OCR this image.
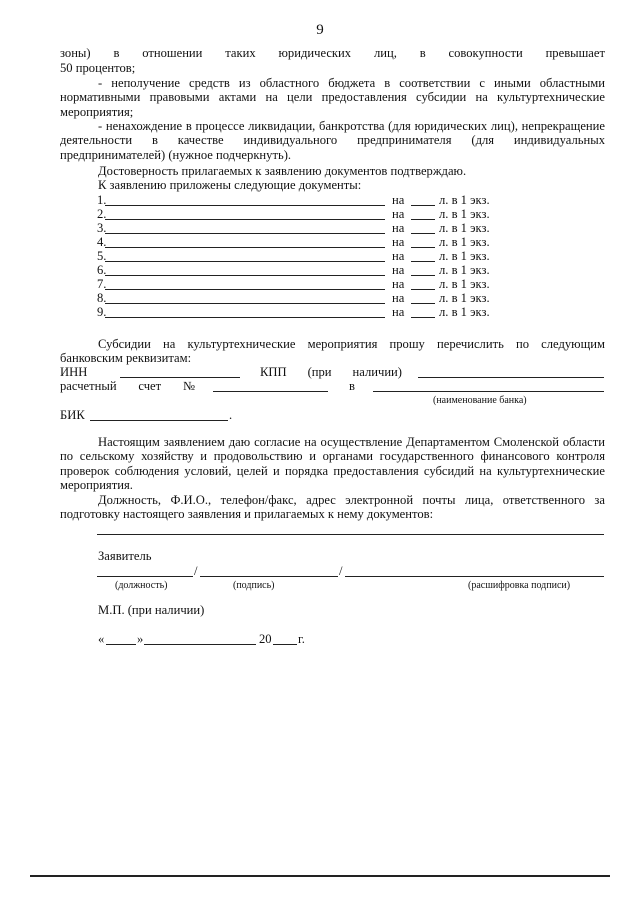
9
зоны) в отношении таких юридических лиц, в совокупности превышает
50 процентов;
- неполучение средств из областного бюджета в соответствии с иными областными нормативными правовыми актами на цели предоставления субсидии на культуртехнические мероприятия;
- ненахождение в процессе ликвидации, банкротства (для юридических лиц), непрекращение деятельности в качестве индивидуального предпринимателя (для индивидуальных предпринимателей) (нужное подчеркнуть).
Достоверность прилагаемых к заявлению документов подтверждаю.
К заявлению приложены следующие документы:
1.	на	л. в 1 экз.
2.	на	л. в 1 экз.
3.	на	л. в 1 экз.
4.	на	л. в 1 экз.
5.	на	л. в 1 экз.
6.	на	л. в 1 экз.
7.	на	л. в 1 экз.
8.	на	л. в 1 экз.
9.	на	л. в 1 экз.
Субсидии на культуртехнические мероприятия прошу перечислить по следующим банковским реквизитам:
ИНН	КПП (при наличии)
расчетный счет №	в
(наименование банка)
БИК	.
Настоящим заявлением даю согласие на осуществление Департаментом Смоленской области по сельскому хозяйству и продовольствию и органами государственного финансового контроля проверок соблюдения условий, целей и порядка предоставления субсидий на культуртехнические мероприятия.
Должность, Ф.И.О., телефон/факс, адрес электронной почты лица, ответственного за подготовку настоящего заявления и прилагаемых к нему документов:
Заявитель
/	/
(должность)	(подпись)	(расшифровка подписи)
М.П. (при наличии)
«	»	20 г.
